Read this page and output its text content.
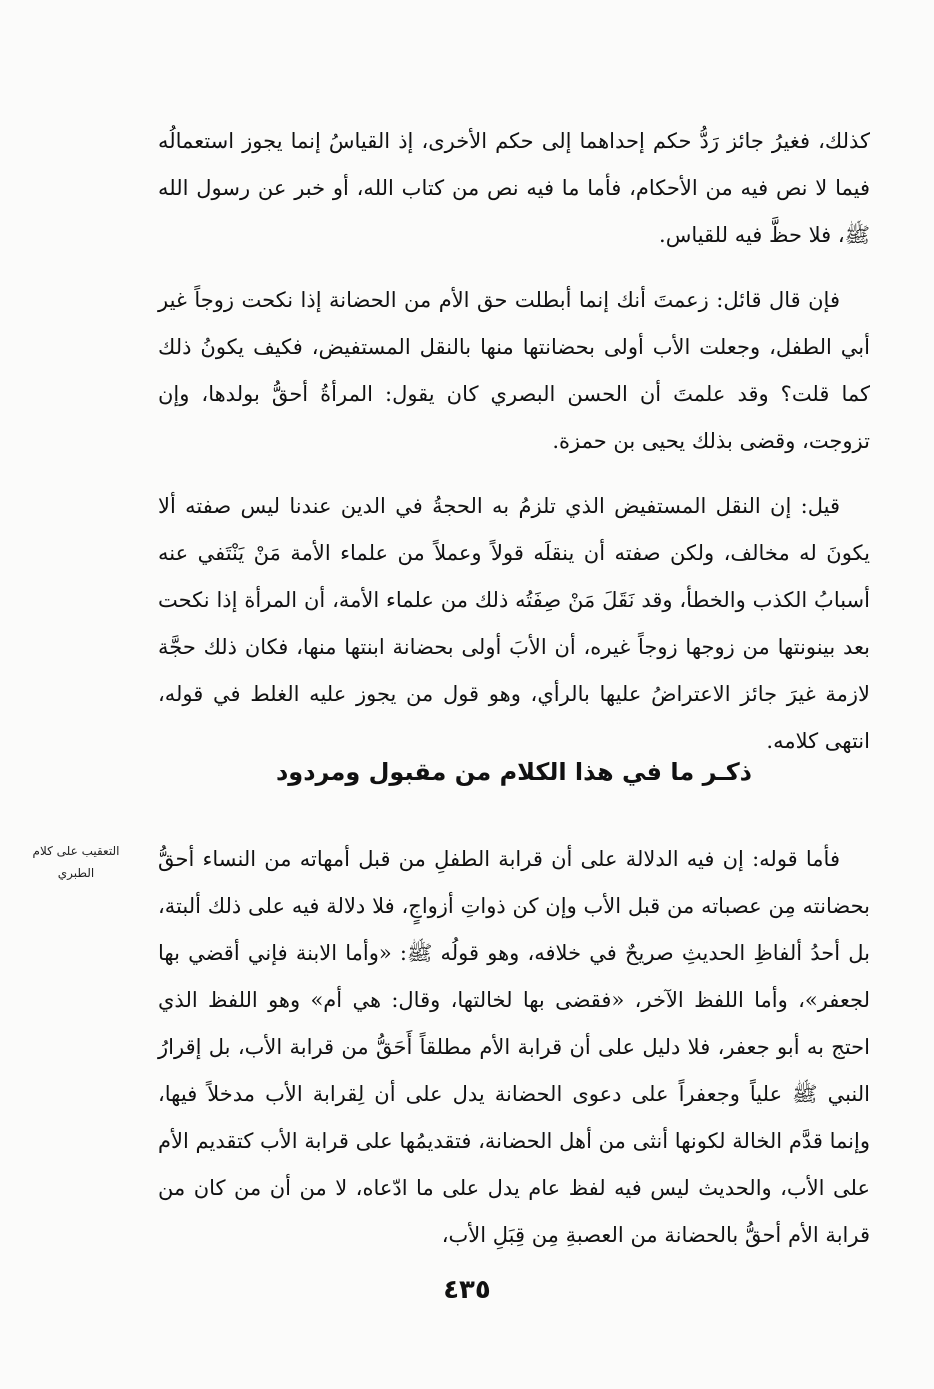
كذلك، فغيرُ جائز رَدُّ حكم إحداهما إلى حكم الأخرى، إذ القياسُ إنما يجوز استعمالُه فيما لا نص فيه من الأحكام، فأما ما فيه نص من كتاب الله، أو خبر عن رسول الله ﷺ، فلا حظَّ فيه للقياس.

فإن قال قائل: زعمتَ أنك إنما أبطلت حق الأم من الحضانة إذا نكحت زوجاً غير أبي الطفل، وجعلت الأب أولى بحضانتها منها بالنقل المستفيض، فكيف يكونُ ذلك كما قلت؟ وقد علمتَ أن الحسن البصري كان يقول: المرأةُ أحقُّ بولدها، وإن تزوجت، وقضى بذلك يحيى بن حمزة.

قيل: إن النقل المستفيض الذي تلزمُ به الحجةُ في الدين عندنا ليس صفته ألا يكونَ له مخالف، ولكن صفته أن ينقلَه قولاً وعملاً من علماء الأمة مَنْ يَنْتَفي عنه أسبابُ الكذب والخطأ، وقد نَقَلَ مَنْ صِفَتُه ذلك من علماء الأمة، أن المرأة إذا نكحت بعد بينونتها من زوجها زوجاً غيره، أن الأبَ أولى بحضانة ابنتها منها، فكان ذلك حجَّة لازمة غيرَ جائز الاعتراضُ عليها بالرأي، وهو قول من يجوز عليه الغلط في قوله، انتهى كلامه.

ذكـر ما في هذا الكلام من مقبول ومردود
التعقيب على كلام الطبري

فأما قوله: إن فيه الدلالة على أن قرابة الطفلِ من قبل أمهاته من النساء أحقُّ بحضانته مِن عصباته من قبل الأب وإن كن ذواتِ أزواجٍ، فلا دلالة فيه على ذلك ألبتة، بل أحدُ ألفاظِ الحديثِ صريحٌ في خلافه، وهو قولُه ﷺ: «وأما الابنة فإني أقضي بها لجعفر»، وأما اللفظ الآخر، «فقضى بها لخالتها، وقال: هي أم» وهو اللفظ الذي احتج به أبو جعفر، فلا دليل على أن قرابة الأم مطلقاً أَحَقُّ من قرابة الأب، بل إقرارُ النبي ﷺ علياً وجعفراً على دعوى الحضانة يدل على أن لِقرابة الأب مدخلاً فيها، وإنما قدَّم الخالة لكونها أنثى من أهل الحضانة، فتقديمُها على قرابة الأب كتقديم الأم على الأب، والحديث ليس فيه لفظ عام يدل على ما ادّعاه، لا من أن من كان من قرابة الأم أحقُّ بالحضانة من العصبةِ مِن قِبَلِ الأب،

٤٣٥
